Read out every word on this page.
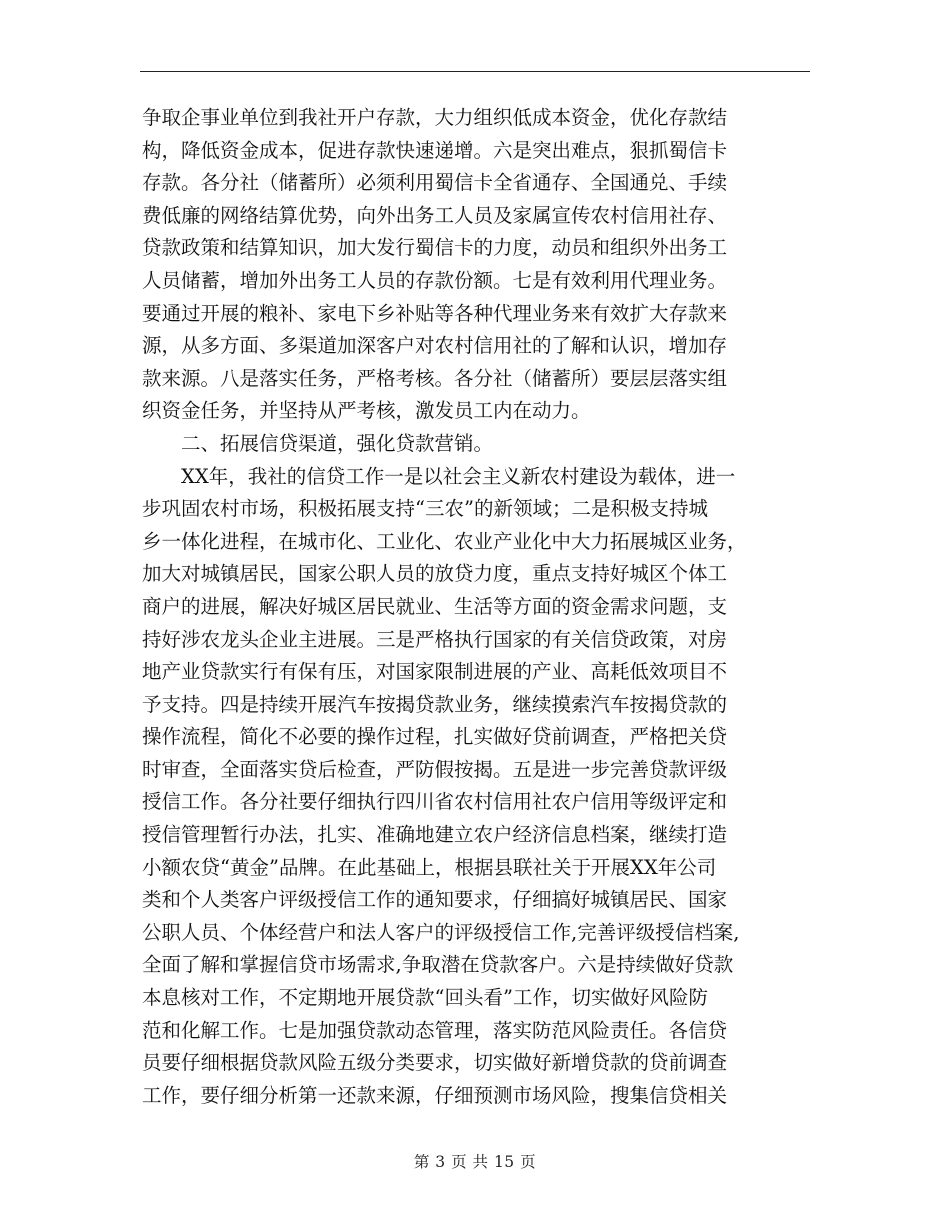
争取企事业单位到我社开户存款，大力组织低成本资金，优化存款结
构，降低资金成本，促进存款快速递增。六是突出难点，狠抓蜀信卡
存款。各分社（储蓄所）必须利用蜀信卡全省通存、全国通兑、手续
费低廉的网络结算优势，向外出务工人员及家属宣传农村信用社存、
贷款政策和结算知识，加大发行蜀信卡的力度，动员和组织外出务工
人员储蓄，增加外出务工人员的存款份额。七是有效利用代理业务。
要通过开展的粮补、家电下乡补贴等各种代理业务来有效扩大存款来
源，从多方面、多渠道加深客户对农村信用社的了解和认识，增加存
款来源。八是落实任务，严格考核。各分社（储蓄所）要层层落实组
织资金任务，并坚持从严考核，激发员工内在动力。
二、拓展信贷渠道，强化贷款营销。
XX年，我社的信贷工作一是以社会主义新农村建设为载体，进一
步巩固农村市场，积极拓展支持“三农”的新领域；二是积极支持城
乡一体化进程，在城市化、工业化、农业产业化中大力拓展城区业务，
加大对城镇居民，国家公职人员的放贷力度，重点支持好城区个体工
商户的进展，解决好城区居民就业、生活等方面的资金需求问题，支
持好涉农龙头企业主进展。三是严格执行国家的有关信贷政策，对房
地产业贷款实行有保有压，对国家限制进展的产业、高耗低效项目不
予支持。四是持续开展汽车按揭贷款业务，继续摸索汽车按揭贷款的
操作流程，简化不必要的操作过程，扎实做好贷前调查，严格把关贷
时审查，全面落实贷后检查，严防假按揭。五是进一步完善贷款评级
授信工作。各分社要仔细执行四川省农村信用社农户信用等级评定和
授信管理暂行办法，扎实、准确地建立农户经济信息档案，继续打造
小额农贷“黄金”品牌。在此基础上，根据县联社关于开展XX年公司
类和个人类客户评级授信工作的通知要求，仔细搞好城镇居民、国家
公职人员、个体经营户和法人客户的评级授信工作,完善评级授信档案,
全面了解和掌握信贷市场需求,争取潜在贷款客户。六是持续做好贷款
本息核对工作，不定期地开展贷款“回头看”工作，切实做好风险防
范和化解工作。七是加强贷款动态管理，落实防范风险责任。各信贷
员要仔细根据贷款风险五级分类要求，切实做好新增贷款的贷前调查
工作，要仔细分析第一还款来源，仔细预测市场风险，搜集信贷相关
第 3 页 共 15 页
